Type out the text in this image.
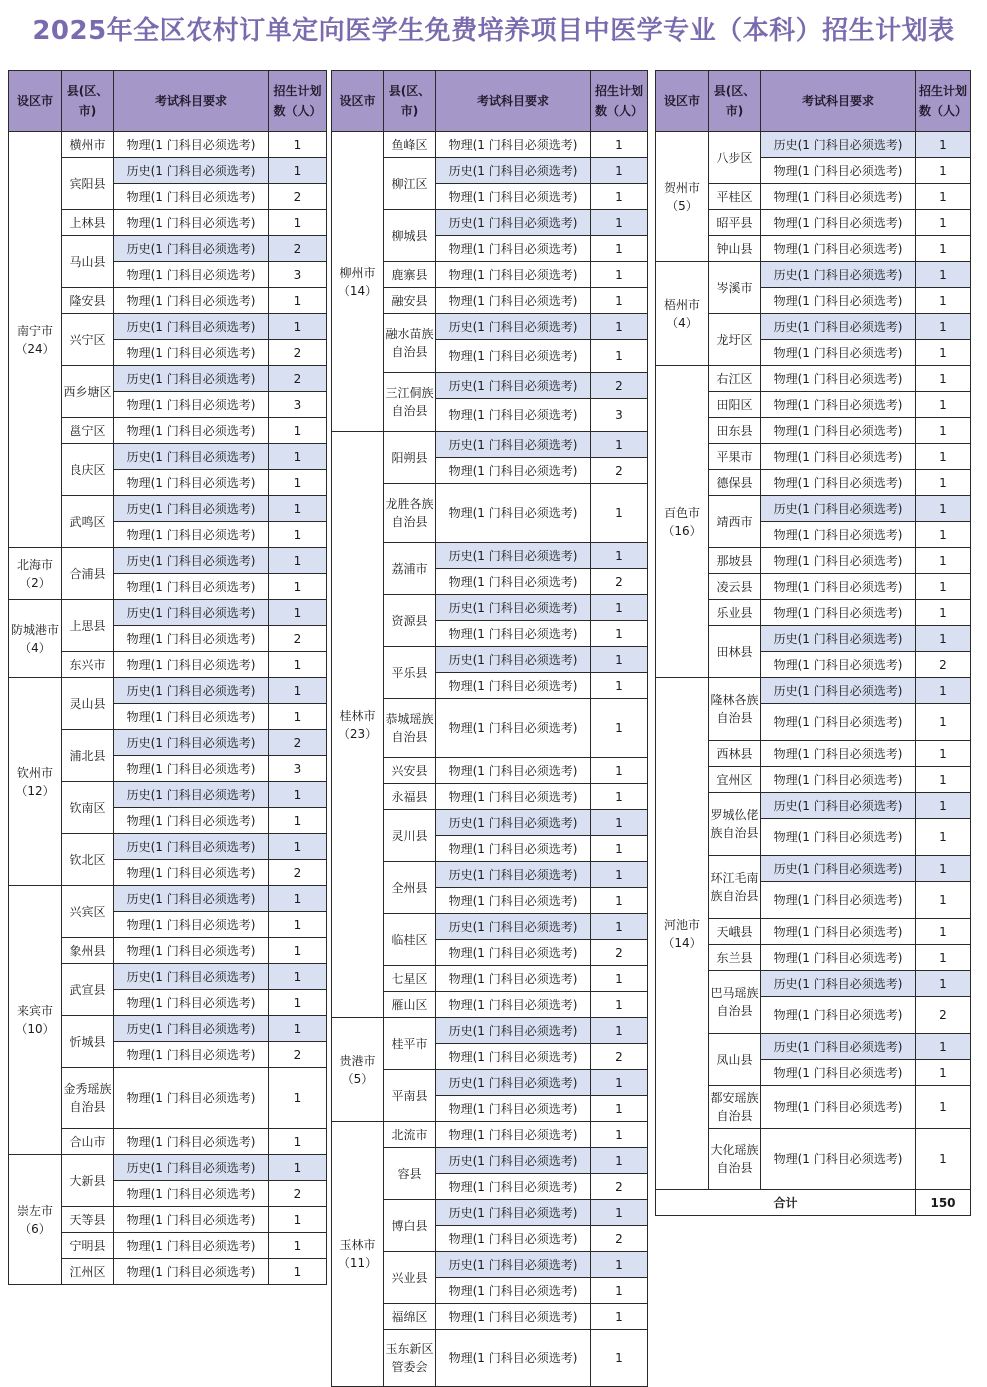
2025年全区农村订单定向医学生免费培养项目中医学专业（本科）招生计划表
设区市	县(区、市)	考试科目要求	招生计划数（人）
南宁市（24）	横州市	物理(1 门科目必须选考)	1
	宾阳县	历史(1 门科目必须选考)	1
		物理(1 门科目必须选考)	2
	上林县	物理(1 门科目必须选考)	1
	马山县	历史(1 门科目必须选考)	2
		物理(1 门科目必须选考)	3
	隆安县	物理(1 门科目必须选考)	1
	兴宁区	历史(1 门科目必须选考)	1
		物理(1 门科目必须选考)	2
	西乡塘区	历史(1 门科目必须选考)	2
		物理(1 门科目必须选考)	3
	邕宁区	物理(1 门科目必须选考)	1
	良庆区	历史(1 门科目必须选考)	1
		物理(1 门科目必须选考)	1
	武鸣区	历史(1 门科目必须选考)	1
		物理(1 门科目必须选考)	1
北海市（2）	合浦县	历史(1 门科目必须选考)	1
		物理(1 门科目必须选考)	1
防城港市（4）	上思县	历史(1 门科目必须选考)	1
		物理(1 门科目必须选考)	2
	东兴市	物理(1 门科目必须选考)	1
钦州市（12）	灵山县	历史(1 门科目必须选考)	1
		物理(1 门科目必须选考)	1
	浦北县	历史(1 门科目必须选考)	2
		物理(1 门科目必须选考)	3
	钦南区	历史(1 门科目必须选考)	1
		物理(1 门科目必须选考)	1
	钦北区	历史(1 门科目必须选考)	1
		物理(1 门科目必须选考)	2
来宾市（10）	兴宾区	历史(1 门科目必须选考)	1
		物理(1 门科目必须选考)	1
	象州县	物理(1 门科目必须选考)	1
	武宣县	历史(1 门科目必须选考)	1
		物理(1 门科目必须选考)	1
	忻城县	历史(1 门科目必须选考)	1
		物理(1 门科目必须选考)	2
	金秀瑶族自治县	物理(1 门科目必须选考)	1
	合山市	物理(1 门科目必须选考)	1
崇左市（6）	大新县	历史(1 门科目必须选考)	1
		物理(1 门科目必须选考)	2
	天等县	物理(1 门科目必须选考)	1
	宁明县	物理(1 门科目必须选考)	1
	江州区	物理(1 门科目必须选考)	1
设区市	县(区、市)	考试科目要求	招生计划数（人）
柳州市（14）	鱼峰区	物理(1 门科目必须选考)	1
	柳江区	历史(1 门科目必须选考)	1
		物理(1 门科目必须选考)	1
	柳城县	历史(1 门科目必须选考)	1
		物理(1 门科目必须选考)	1
	鹿寨县	物理(1 门科目必须选考)	1
	融安县	物理(1 门科目必须选考)	1
	融水苗族自治县	历史(1 门科目必须选考)	1
		物理(1 门科目必须选考)	1
	三江侗族自治县	历史(1 门科目必须选考)	2
		物理(1 门科目必须选考)	3
桂林市（23）	阳朔县	历史(1 门科目必须选考)	1
		物理(1 门科目必须选考)	2
	龙胜各族自治县	物理(1 门科目必须选考)	1
	荔浦市	历史(1 门科目必须选考)	1
		物理(1 门科目必须选考)	2
	资源县	历史(1 门科目必须选考)	1
		物理(1 门科目必须选考)	1
	平乐县	历史(1 门科目必须选考)	1
		物理(1 门科目必须选考)	1
	恭城瑶族自治县	物理(1 门科目必须选考)	1
	兴安县	物理(1 门科目必须选考)	1
	永福县	物理(1 门科目必须选考)	1
	灵川县	历史(1 门科目必须选考)	1
		物理(1 门科目必须选考)	1
	全州县	历史(1 门科目必须选考)	1
		物理(1 门科目必须选考)	1
	临桂区	历史(1 门科目必须选考)	1
		物理(1 门科目必须选考)	2
	七星区	物理(1 门科目必须选考)	1
	雁山区	物理(1 门科目必须选考)	1
贵港市（5）	桂平市	历史(1 门科目必须选考)	1
		物理(1 门科目必须选考)	2
	平南县	历史(1 门科目必须选考)	1
		物理(1 门科目必须选考)	1
玉林市（11）	北流市	物理(1 门科目必须选考)	1
	容县	历史(1 门科目必须选考)	1
		物理(1 门科目必须选考)	2
	博白县	历史(1 门科目必须选考)	1
		物理(1 门科目必须选考)	2
	兴业县	历史(1 门科目必须选考)	1
		物理(1 门科目必须选考)	1
	福绵区	物理(1 门科目必须选考)	1
	玉东新区管委会	物理(1 门科目必须选考)	1
设区市	县(区、市)	考试科目要求	招生计划数（人）
贺州市（5）	八步区	历史(1 门科目必须选考)	1
		物理(1 门科目必须选考)	1
	平桂区	物理(1 门科目必须选考)	1
	昭平县	物理(1 门科目必须选考)	1
	钟山县	物理(1 门科目必须选考)	1
梧州市（4）	岑溪市	历史(1 门科目必须选考)	1
		物理(1 门科目必须选考)	1
	龙圩区	历史(1 门科目必须选考)	1
		物理(1 门科目必须选考)	1
百色市（16）	右江区	物理(1 门科目必须选考)	1
	田阳区	物理(1 门科目必须选考)	1
	田东县	物理(1 门科目必须选考)	1
	平果市	物理(1 门科目必须选考)	1
	德保县	物理(1 门科目必须选考)	1
	靖西市	历史(1 门科目必须选考)	1
		物理(1 门科目必须选考)	1
	那坡县	物理(1 门科目必须选考)	1
	凌云县	物理(1 门科目必须选考)	1
	乐业县	物理(1 门科目必须选考)	1
	田林县	历史(1 门科目必须选考)	1
		物理(1 门科目必须选考)	2
河池市（14）	隆林各族自治县	历史(1 门科目必须选考)	1
		物理(1 门科目必须选考)	1
	西林县	物理(1 门科目必须选考)	1
	宜州区	物理(1 门科目必须选考)	1
	罗城仫佬族自治县	历史(1 门科目必须选考)	1
		物理(1 门科目必须选考)	1
	环江毛南族自治县	历史(1 门科目必须选考)	1
		物理(1 门科目必须选考)	1
	天峨县	物理(1 门科目必须选考)	1
	东兰县	物理(1 门科目必须选考)	1
	巴马瑶族自治县	历史(1 门科目必须选考)	1
		物理(1 门科目必须选考)	2
	凤山县	历史(1 门科目必须选考)	1
		物理(1 门科目必须选考)	1
	都安瑶族自治县	物理(1 门科目必须选考)	1
	大化瑶族自治县	物理(1 门科目必须选考)	1
合计			150
